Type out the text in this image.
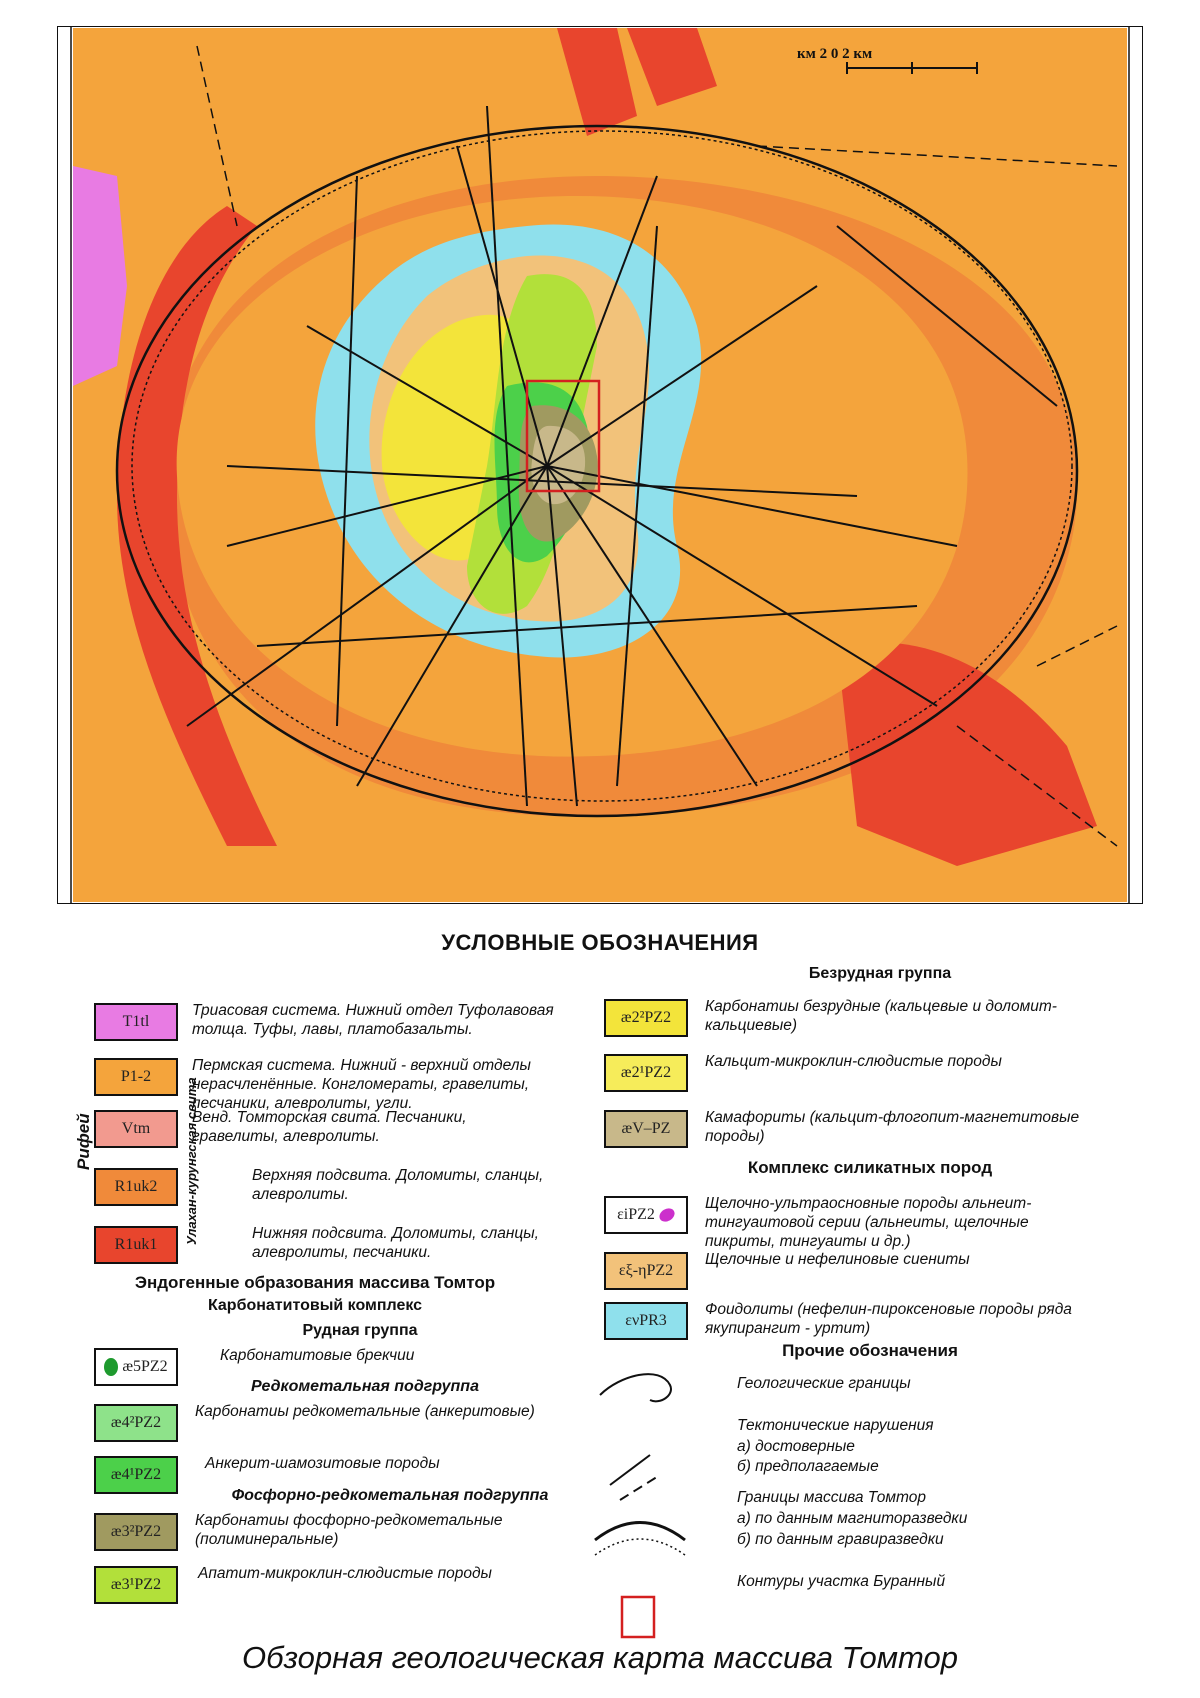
км 2 0 2 км
УСЛОВНЫЕ ОБОЗНАЧЕНИЯ
T1tl
Триасовая система. Нижний отдел Туфолавовая толща. Туфы, лавы, платобазальты.
P1-2
Пермская система. Нижний - верхний отделы нерасчленённые. Конгломераты, гравелиты, песчаники, алевролиты, угли.
Vtm
Венд. Томторская свита. Песчаники, гравелиты, алевролиты.
R1uk2
Верхняя подсвита. Доломиты, сланцы, алевролиты.
R1uk1
Нижняя подсвита. Доломиты, сланцы, алевролиты, песчаники.
æ5PZ2
Карбонатитовые брекчии
æ4²PZ2
Карбонатиы редкометальные (анкеритовые)
æ4¹PZ2
Анкерит-шамозитовые породы
æ3²PZ2
Карбонатиы фосфорно-редкометальные (полиминеральные)
æ3¹PZ2
Апатит-микроклин-слюдистые породы
Рифей	Улахан-курунгская свита
Эндогенные образования массива Томтор
Карбонатитовый комплекс
Рудная группа
Редкометальная подгруппа
Фосфорно-редкометальная подгруппа
Безрудная группа
Комплекс силикатных пород
Прочие обозначения
æ2²PZ2
Карбонатиы безрудные (кальцевые и доломит-кальциевые)
æ2¹PZ2
Кальцит-микроклин-слюдистые породы
æV–PZ
Камафориты (кальцит-флогопит-магнетитовые породы)
εiPZ2
Щелочно-ультраосновные породы альнеит-тингуаитовой серии (альнеиты, щелочные пикриты, тингуаиты и др.)
εξ-ηPZ2
Щелочные и нефелиновые сиениты
ενPR3
Фоидолиты (нефелин-пироксеновые породы ряда якупирангит - уртит)
Геологические границы
Тектонические нарушения
а) достоверные
б) предполагаемые
Границы массива Томтор
а) по данным магниторазведки
б) по данным гравиразведки
Контуры участка Буранный
Обзорная геологическая карта массива Томтор
